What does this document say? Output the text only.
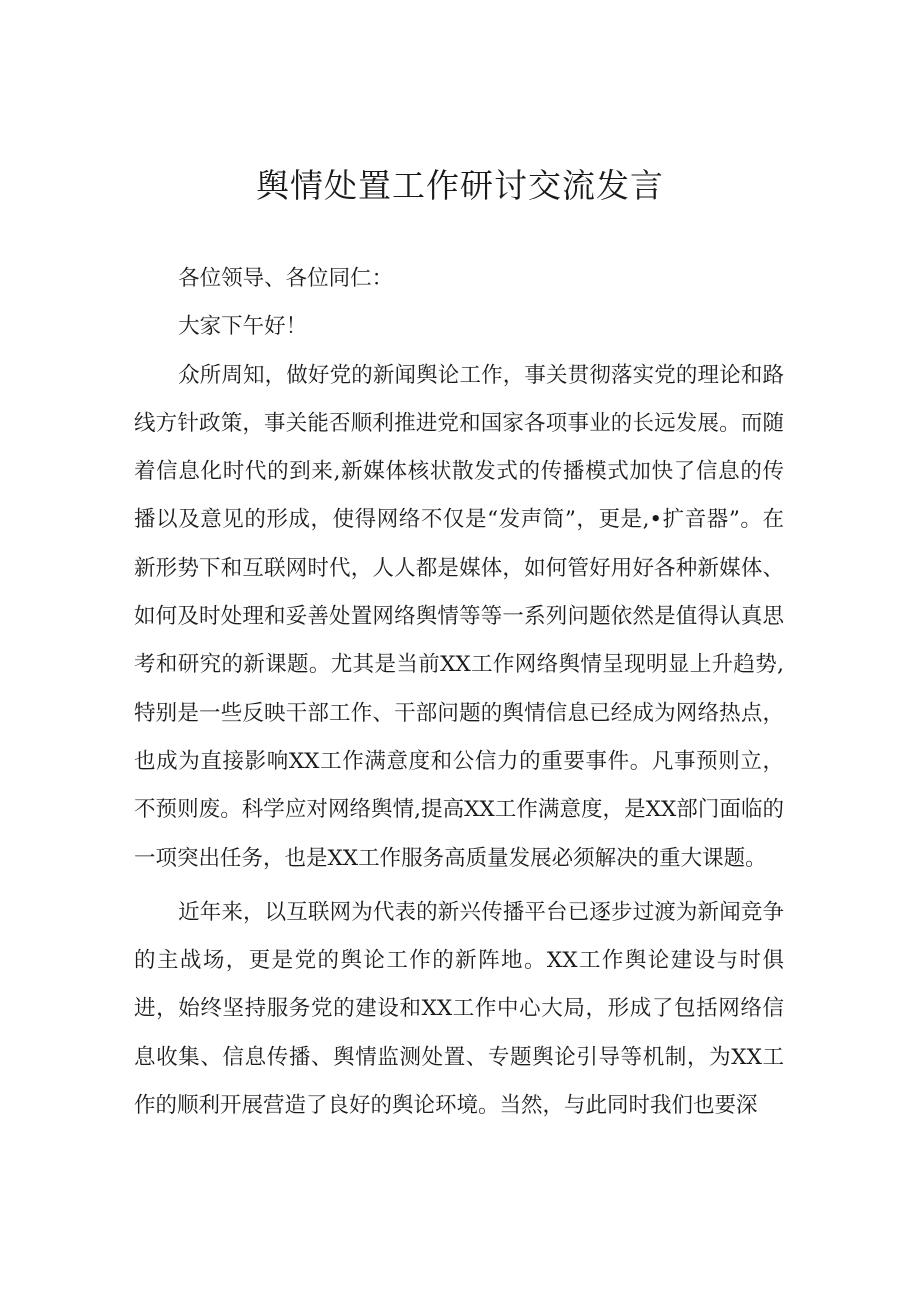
舆情处置工作研讨交流发言

各位领导、各位同仁：

大家下午好！

众所周知，做好党的新闻舆论工作，事关贯彻落实党的理论和路线方针政策，事关能否顺利推进党和国家各项事业的长远发展。而随着信息化时代的到来,新媒体核状散发式的传播模式加快了信息的传播以及意见的形成，使得网络不仅是“发声筒”，更是,•扩音器”。在新形势下和互联网时代，人人都是媒体，如何管好用好各种新媒体、如何及时处理和妥善处置网络舆情等等一系列问题依然是值得认真思考和研究的新课题。尤其是当前XX工作网络舆情呈现明显上升趋势,特别是一些反映干部工作、干部问题的舆情信息已经成为网络热点，也成为直接影响XX工作满意度和公信力的重要事件。凡事预则立，不预则废。科学应对网络舆情,提高XX工作满意度，是XX部门面临的一项突出任务，也是XX工作服务高质量发展必须解决的重大课题。

近年来，以互联网为代表的新兴传播平台已逐步过渡为新闻竞争的主战场，更是党的舆论工作的新阵地。XX工作舆论建设与时俱进，始终坚持服务党的建设和XX工作中心大局，形成了包括网络信息收集、信息传播、舆情监测处置、专题舆论引导等机制，为XX工作的顺利开展营造了良好的舆论环境。当然，与此同时我们也要深
